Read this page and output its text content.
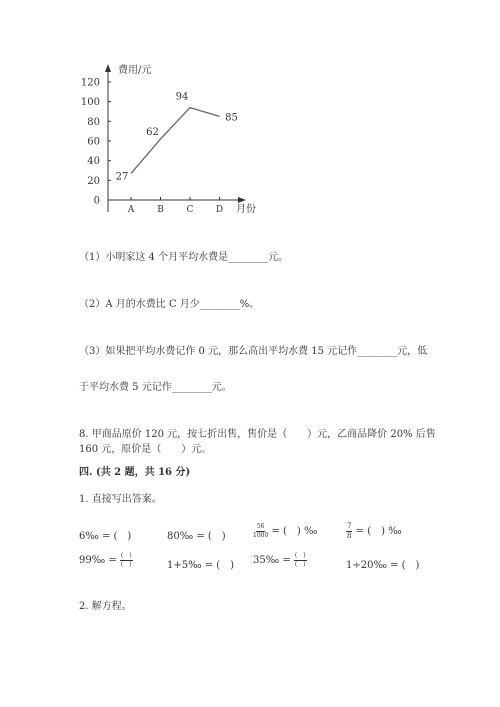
费用/元
月份
0
20
40
60
80
100
120
A	B	C D
27
62
94
85
（1）小明家这 4 个月平均水费是________元。
（2）A 月的水费比 C 月少________%。
（3）如果把平均水费记作 0 元，那么高出平均水费 15 元记作________元，低
于平均水费 5 元记作________元。
8. 甲商品原价 120 元，按七折出售，售价是（　　）元，乙商品降价 20% 后售
160 元，原价是（　　）元。
四. (共 2 题，共 16 分)
1. 直接写出答案。
6‰ = (　)	80‰ = (　)	$\frac{56}{1000}$ = (　) ‰	$\frac{7}{8}$ = (　) ‰
99‰ = $\frac{( )}{( )}$	1+5‰ = (　) 35‰ = $\frac{( )}{( )}$	1÷20‰ = (　)
2. 解方程。
